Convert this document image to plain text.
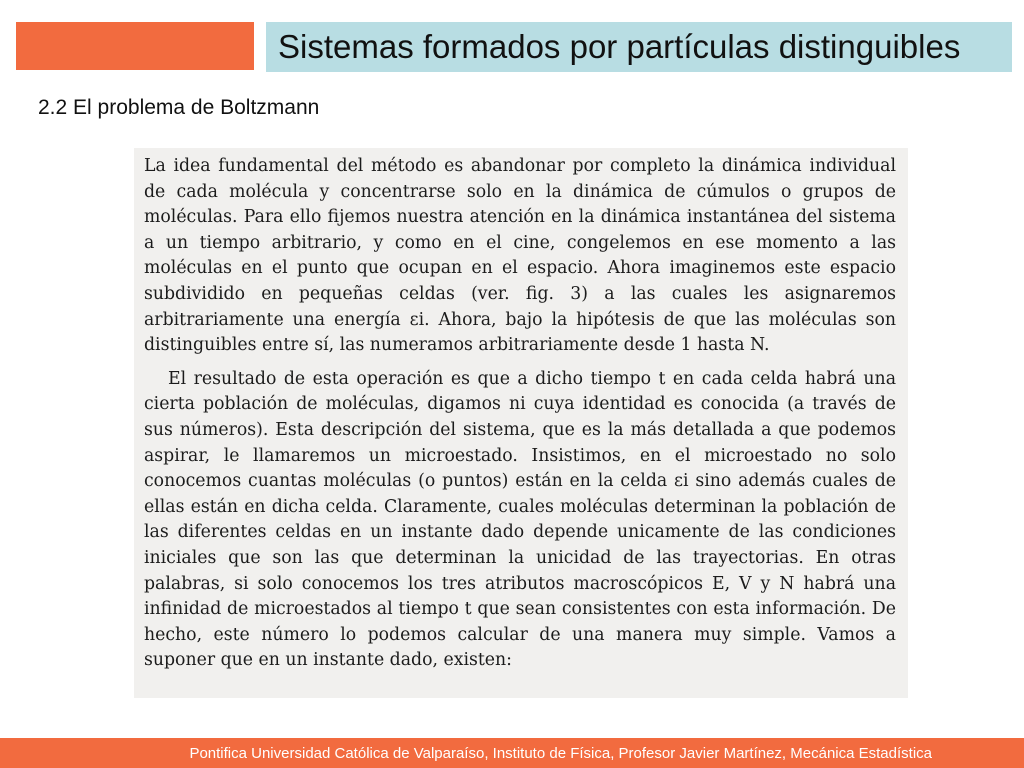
Sistemas formados por partículas distinguibles
2.2 El problema de Boltzmann

La idea fundamental del método es abandonar por completo la dinámica individual de cada molécula y concentrarse solo en la dinámica de cúmulos o grupos de moléculas. Para ello fijemos nuestra atención en la dinámica instantánea del sistema a un tiempo arbitrario, y como en el cine, congelemos en ese momento a las moléculas en el punto que ocupan en el espacio. Ahora imaginemos este espacio subdividido en pequeñas celdas (ver. fig. 3) a las cuales les asignaremos arbitrariamente una energía εi. Ahora, bajo la hipótesis de que las moléculas son distinguibles entre sí, las numeramos arbitrariamente desde 1 hasta N.

El resultado de esta operación es que a dicho tiempo t en cada celda habrá una cierta población de moléculas, digamos ni cuya identidad es conocida (a través de sus números). Esta descripción del sistema, que es la más detallada a que podemos aspirar, le llamaremos un microestado. Insistimos, en el microestado no solo conocemos cuantas moléculas (o puntos) están en la celda εi sino además cuales de ellas están en dicha celda. Claramente, cuales moléculas determinan la población de las diferentes celdas en un instante dado depende unicamente de las condiciones iniciales que son las que determinan la unicidad de las trayectorias. En otras palabras, si solo conocemos los tres atributos macroscópicos E, V y N habrá una infinidad de microestados al tiempo t que sean consistentes con esta información. De hecho, este número lo podemos calcular de una manera muy simple. Vamos a suponer que en un instante dado, existen:

Pontifica Universidad Católica de Valparaíso, Instituto de Física, Profesor Javier Martínez, Mecánica Estadística
